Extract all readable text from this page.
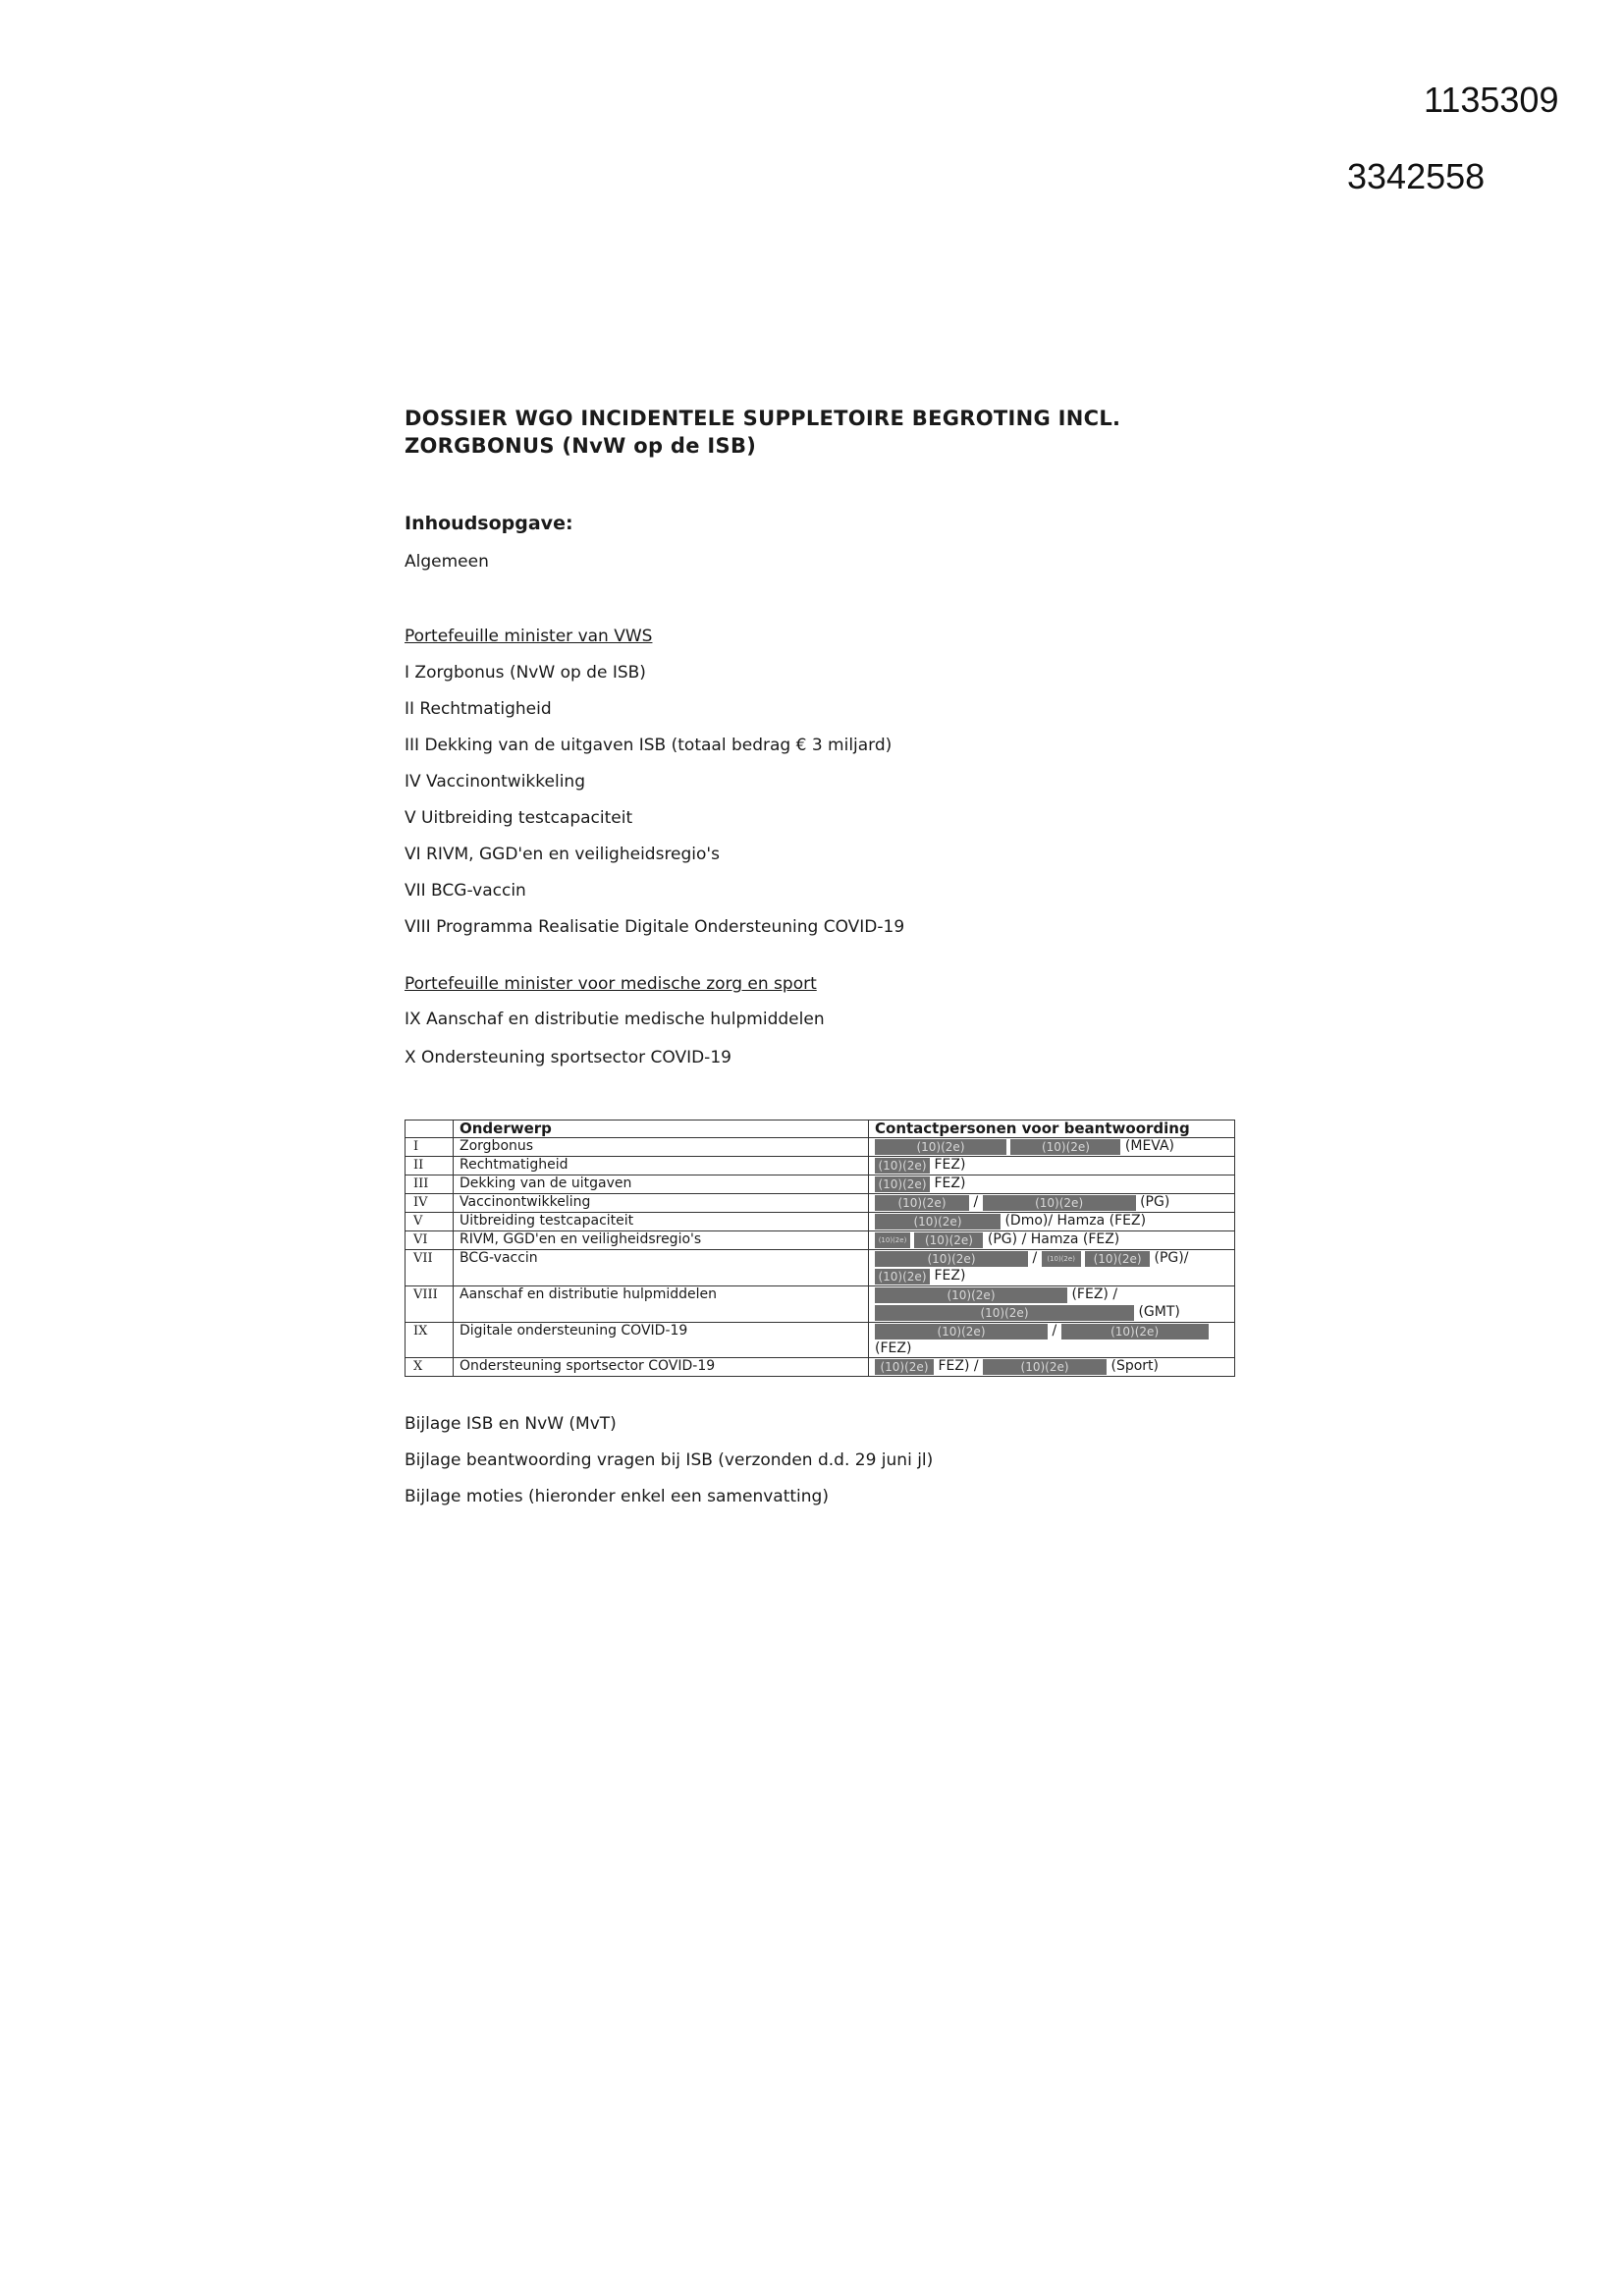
1135309

3342558

DOSSIER WGO INCIDENTELE SUPPLETOIRE BEGROTING INCL.
ZORGBONUS (NvW op de ISB)

Inhoudsopgave:

Algemeen

Portefeuille minister van VWS

I Zorgbonus (NvW op de ISB)

II Rechtmatigheid

III Dekking van de uitgaven ISB (totaal bedrag € 3 miljard)

IV Vaccinontwikkeling

V Uitbreiding testcapaciteit

VI RIVM, GGD'en en veiligheidsregio's

VII BCG-vaccin

VIII Programma Realisatie Digitale Ondersteuning COVID-19

Portefeuille minister voor medische zorg en sport

IX Aanschaf en distributie medische hulpmiddelen

X Ondersteuning sportsector COVID-19

	Onderwerp	Contactpersonen voor beantwoording
I	Zorgbonus	(10)(2e) (10)(2e) (MEVA)
II	Rechtmatigheid	(10)(2e) FEZ)
III	Dekking van de uitgaven	(10)(2e) FEZ)
IV	Vaccinontwikkeling	(10)(2e) / (10)(2e) (PG)
V	Uitbreiding testcapaciteit	(10)(2e) (Dmo)/ Hamza (FEZ)
VI	RIVM, GGD'en en veiligheidsregio's	(10)(2e) (10)(2e) (PG) / Hamza (FEZ)
VII	BCG-vaccin	(10)(2e) / (10)(2e) (10)(2e) (PG)/
(10)(2e) FEZ)
VIII	Aanschaf en distributie hulpmiddelen	(10)(2e) (FEZ) /
(10)(2e) (GMT)
IX	Digitale ondersteuning COVID-19	(10)(2e) / (10)(2e)
(FEZ)
X	Ondersteuning sportsector COVID-19	(10)(2e) FEZ) / (10)(2e) (Sport)

Bijlage ISB en NvW (MvT)

Bijlage beantwoording vragen bij ISB (verzonden d.d. 29 juni jl)

Bijlage moties (hieronder enkel een samenvatting)
